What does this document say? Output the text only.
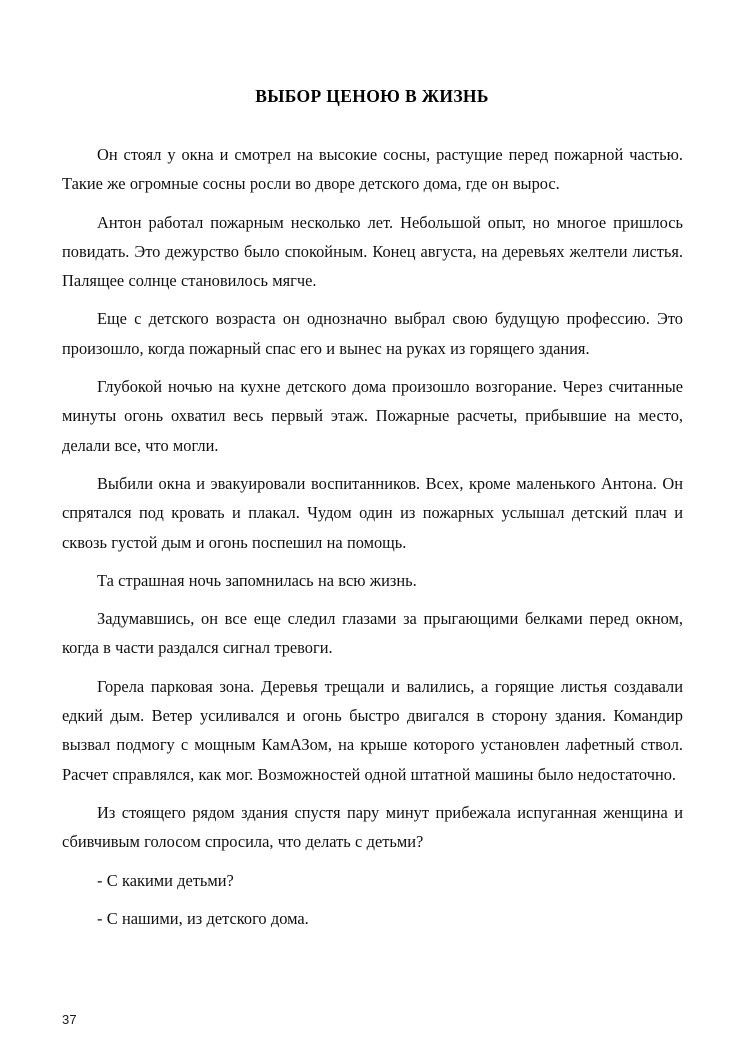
ВЫБОР ЦЕНОЮ В ЖИЗНЬ

Он стоял у окна и смотрел на высокие сосны, растущие перед пожарной частью. Такие же огромные сосны росли во дворе детского дома, где он вырос.

Антон работал пожарным несколько лет. Небольшой опыт, но многое пришлось повидать. Это дежурство было спокойным. Конец августа, на деревьях желтели листья. Палящее солнце становилось мягче.

Еще с детского возраста он однозначно выбрал свою будущую профессию. Это произошло, когда пожарный спас его и вынес на руках из горящего здания.

Глубокой ночью на кухне детского дома произошло возгорание. Через считанные минуты огонь охватил весь первый этаж. Пожарные расчеты, прибывшие на место, делали все, что могли.

Выбили окна и эвакуировали воспитанников. Всех, кроме маленького Антона. Он спрятался под кровать и плакал. Чудом один из пожарных услышал детский плач и сквозь густой дым и огонь поспешил на помощь.

Та страшная ночь запомнилась на всю жизнь.

Задумавшись, он все еще следил глазами за прыгающими белками перед окном, когда в части раздался сигнал тревоги.

Горела парковая зона. Деревья трещали и валились, а горящие листья создавали едкий дым. Ветер усиливался и огонь быстро двигался в сторону здания. Командир вызвал подмогу с мощным КамАЗом, на крыше которого установлен лафетный ствол. Расчет справлялся, как мог. Возможностей одной штатной машины было недостаточно.

Из стоящего рядом здания спустя пару минут прибежала испуганная женщина и сбивчивым голосом спросила, что делать с детьми?

- С какими детьми?

- С нашими, из детского дома.

37
